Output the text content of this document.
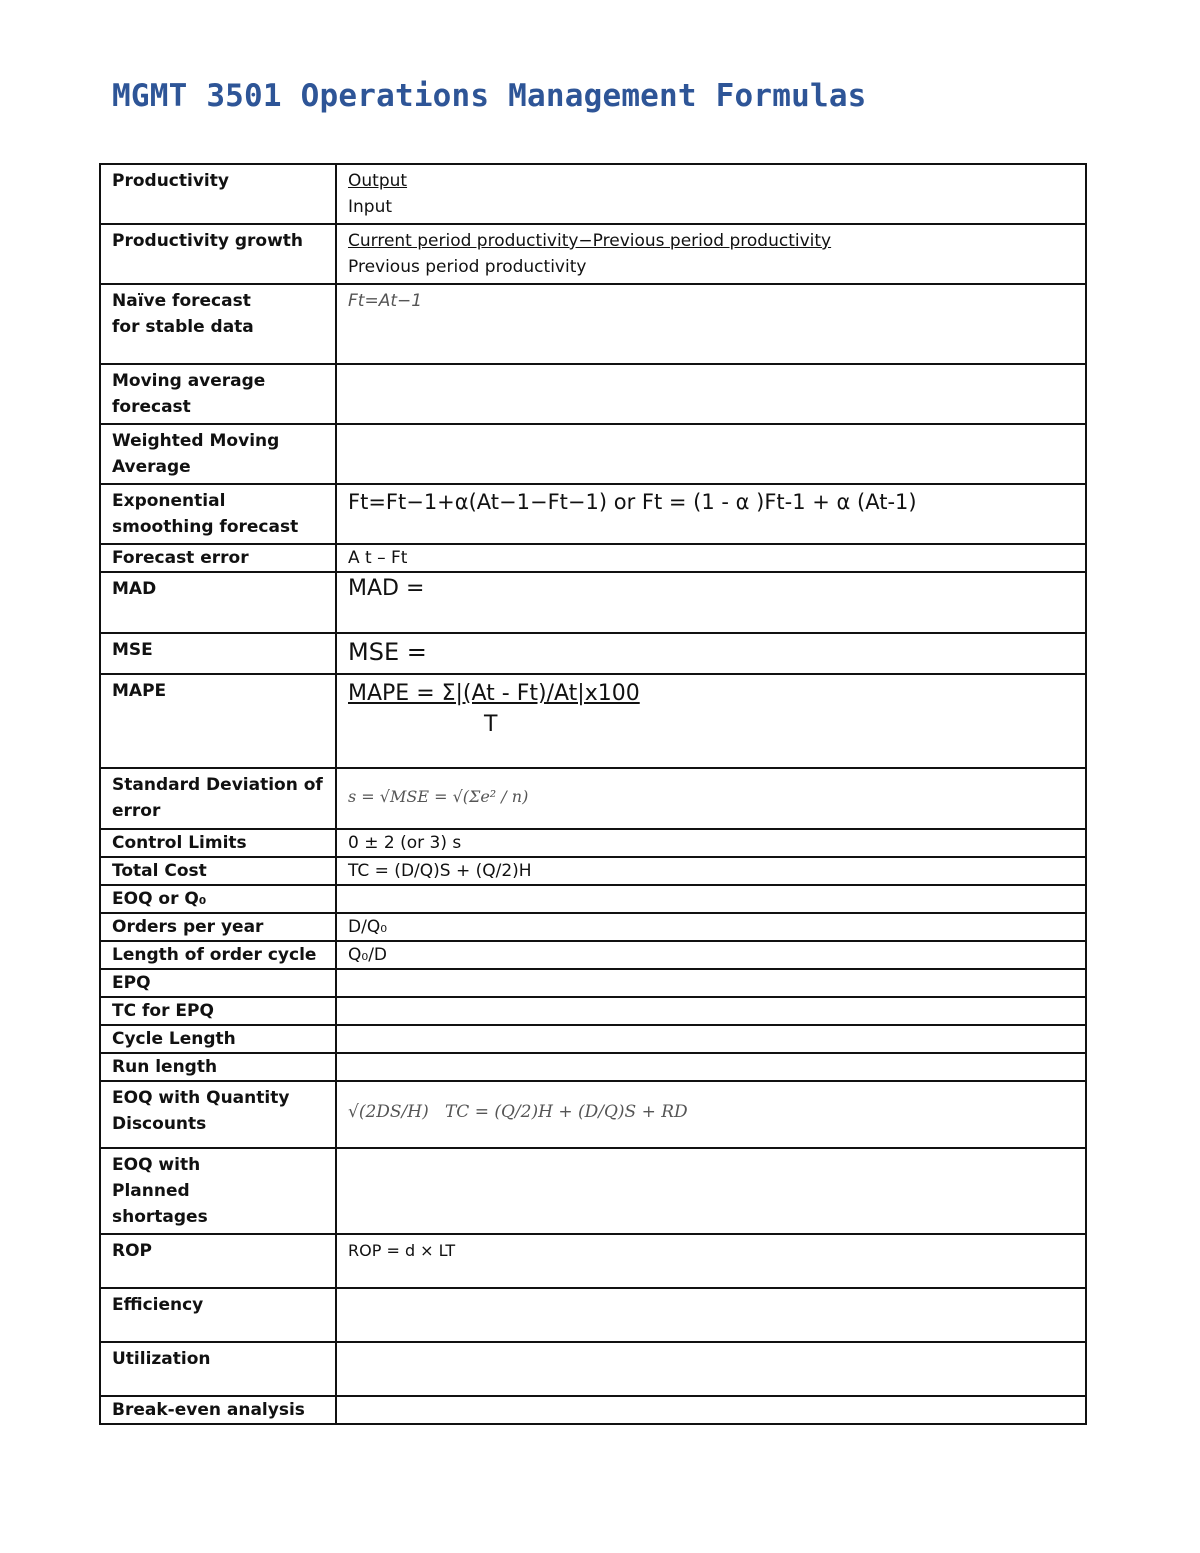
MGMT 3501 Operations Management Formulas
Productivity	Output
Input

Productivity growth	Current period productivity−Previous period productivity
Previous period productivity

Naïve forecast for stable data	Ft=At−1
Moving average forecast	
Weighted Moving Average	
Exponential smoothing forecast	Ft=Ft−1+α(At−1−Ft−1) or Ft = (1 - α )Ft-1 + α (At-1)
Forecast error	A t – Ft
MAD	MAD =
MSE	MSE =
MAPE	MAPE = Σ|(At - Ft)/At|x100
T

Standard Deviation of error	s = √MSE = √(Σe² / n)
Control Limits	0 ± 2 (or 3) s
Total Cost	TC = (D/Q)S + (Q/2)H
EOQ or Q₀	
Orders per year	D/Q₀
Length of order cycle	Q₀/D
EPQ	
TC for EPQ	
Cycle Length	
Run length	
EOQ with Quantity Discounts	√(2DS/H)   TC = (Q/2)H + (D/Q)S + RD
EOQ with Planned shortages	
ROP	ROP = d × LT
Efficiency	
Utilization	
Break-even analysis	
